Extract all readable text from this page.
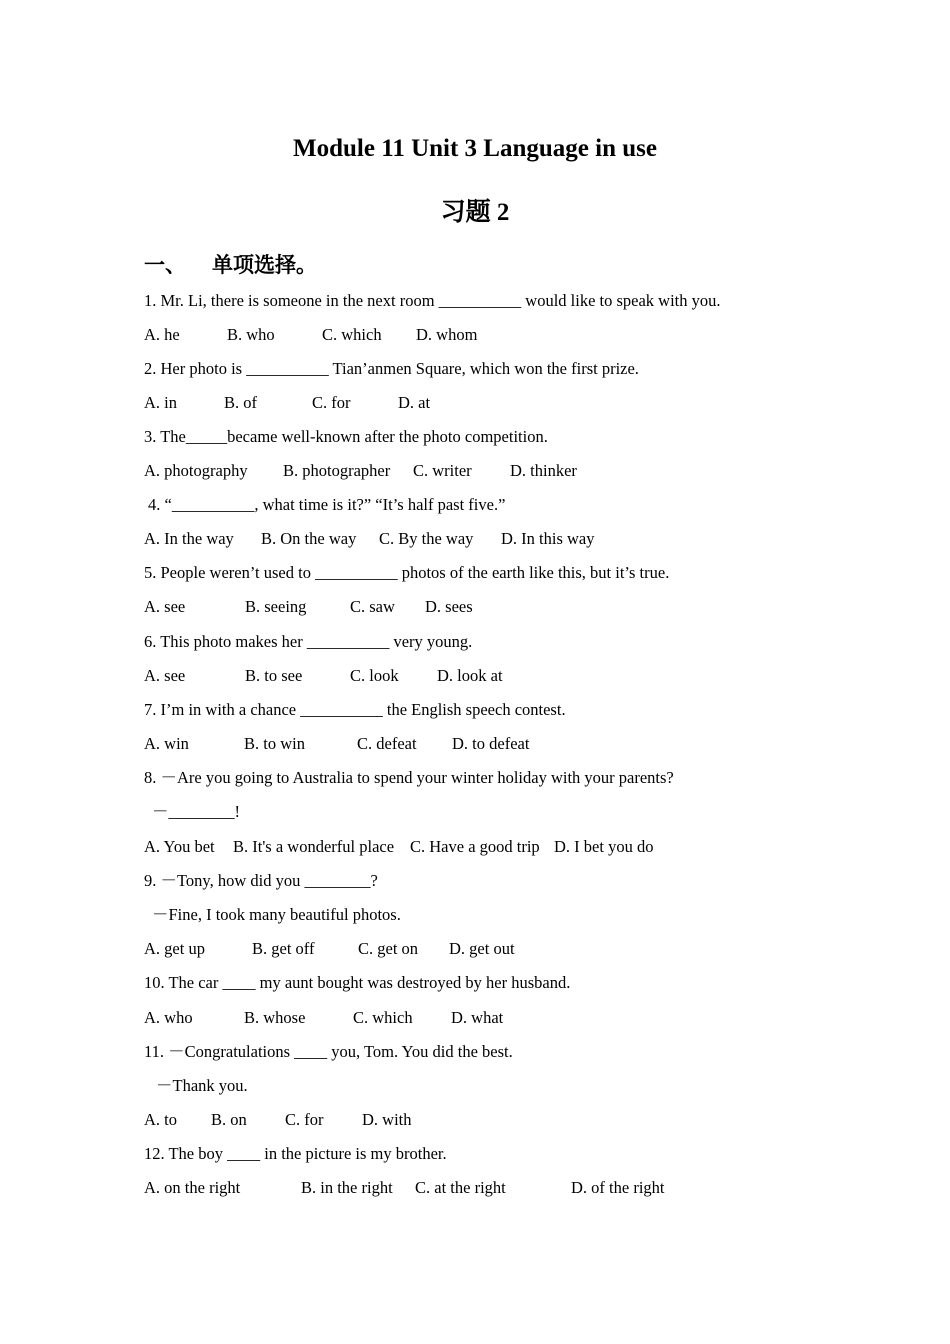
Module 11 Unit 3 Language in use
习题 2
一、 单项选择。
1. Mr. Li, there is someone in the next room __________ would like to speak with you.
A. he	B. who	C. which D. whom
2. Her photo is __________ Tian’anmen Square, which won the first prize.
A. in	B. of	C. for	D. at
3. The_____became well-known after the photo competition.
A. photography B. photographer C. writer D. thinker
4. “__________, what time is it?” “It’s half past five.”
A. In the way B. On the way C. By the way D. In this way
5. People weren’t used to __________ photos of the earth like this, but it’s true.
A. see	B. seeing	C. saw D. sees
6. This photo makes her __________ very young.
A. see	B. to see	C. look D. look at
7. I’m in with a chance __________ the English speech contest.
A. win	B. to win	C. defeat D. to defeat
8. －Are you going to Australia to spend your winter holiday with your parents?
－________!
A. You bet B. It's a wonderful place C. Have a good trip D. I bet you do
9. －Tony, how did you ________?
－Fine, I took many beautiful photos.
A. get up	B. get off	C. get on D. get out
10. The car ____ my aunt bought was destroyed by her husband.
A. who	B. whose	C. which D. what
11. －Congratulations ____ you, Tom. You did the best.
－Thank you.
A. to B. on C. for D. with
12. The boy ____ in the picture is my brother.
A. on the right	B. in the right C. at the right	D. of the right
